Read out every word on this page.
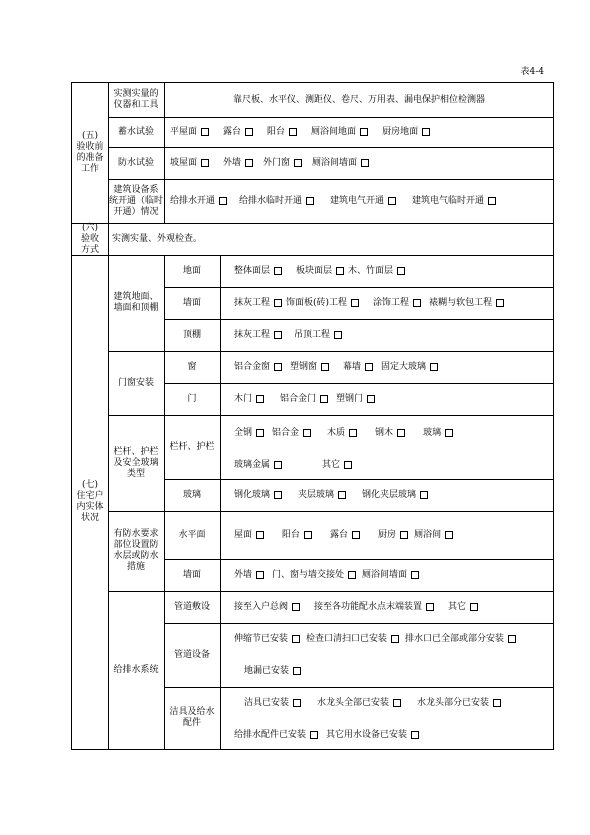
表4-4
(五)
验收前
的准备
工作
实测实量的
仪器和工具
靠尺板、水平仪、测距仪、卷尺、万用表、漏电保护相位检测器
蓄水试验	平屋面	露台	阳台	厕浴间地面	厨房地面
防水试验	坡屋面	外墙 外门窗 厕浴间墙面
建筑设备系
统开通（临时
开通）情况
给排水开通	给排水临时开通	建筑电气开通	建筑电气临时开通
(六)
验收
方式
实测实量、外观检查。
(七)
住宅户
内实体
状况
建筑地面、
墙面和顶棚
地面	整体面层	板块面层 木、竹面层
墙面	抹灰工程 饰面板(砖)工程	涂饰工程 裱糊与软包工程
顶棚	抹灰工程	吊顶工程
门窗安装
窗	铝合金窗 塑钢窗	幕墙 固定大玻璃
门	木门	铝合金门 塑钢门
栏杆、护栏
及安全玻璃
类型
栏杆、护栏
全钢 铝合金	木质	钢木	玻璃
玻璃金属	其它
玻璃	钢化玻璃	夹层玻璃	钢化夹层玻璃
有防水要求
部位设置防
水层或防水
措施
水平面	屋面	阳台	露台	厨房 厕浴间
墙面	外墙 门、窗与墙交接处 厕浴间墙面
给排水系统
管道敷设	接至入户总阀	接至各功能配水点末端装置	其它
管道设备
伸缩节已安装 检查口清扫口已安装 排水口已全部或部分安装
地漏已安装
洁具及给水
配件
洁具已安装	水龙头全部已安装	水龙头部分已安装
给排水配件已安装 其它用水设备已安装
